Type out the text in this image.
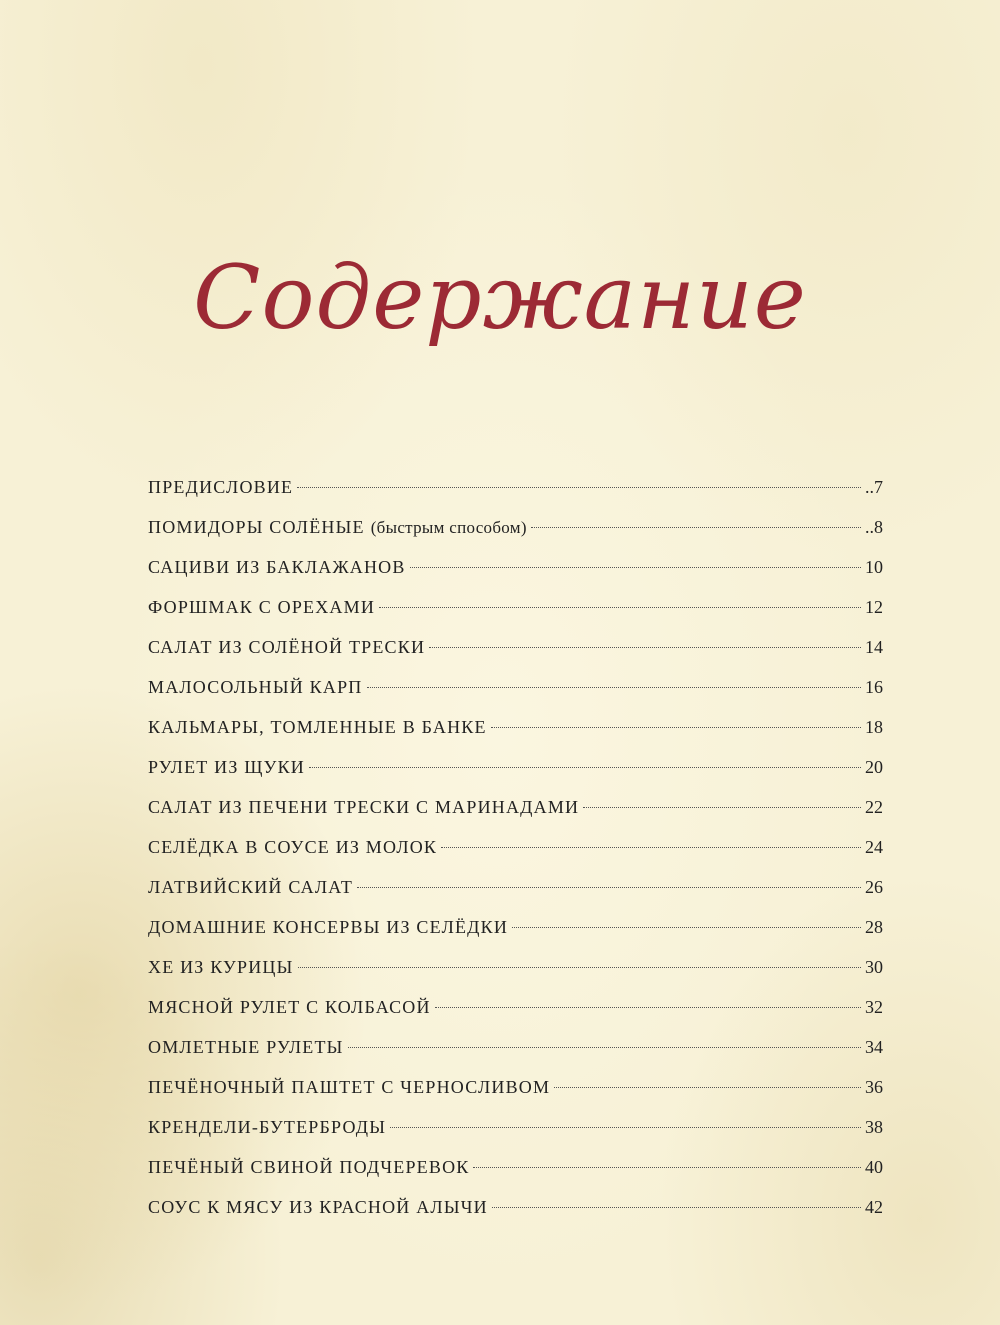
Содержание
ПРЕДИСЛОВИЕ	..7
ПОМИДОРЫ СОЛЁНЫЕ (быстрым способом)	..8
САЦИВИ ИЗ БАКЛАЖАНОВ	10
ФОРШМАК С ОРЕХАМИ	12
САЛАТ ИЗ СОЛЁНОЙ ТРЕСКИ	14
МАЛОСОЛЬНЫЙ КАРП	16
КАЛЬМАРЫ, ТОМЛЕННЫЕ В БАНКЕ	18
РУЛЕТ ИЗ ЩУКИ	20
САЛАТ ИЗ ПЕЧЕНИ ТРЕСКИ С МАРИНАДАМИ	22
СЕЛЁДКА В СОУСЕ ИЗ МОЛОК	24
ЛАТВИЙСКИЙ САЛАТ	26
ДОМАШНИЕ КОНСЕРВЫ ИЗ СЕЛЁДКИ	28
ХЕ ИЗ КУРИЦЫ	30
МЯСНОЙ РУЛЕТ С КОЛБАСОЙ	32
ОМЛЕТНЫЕ РУЛЕТЫ	34
ПЕЧЁНОЧНЫЙ ПАШТЕТ С ЧЕРНОСЛИВОМ	36
КРЕНДЕЛИ-БУТЕРБРОДЫ	38
ПЕЧЁНЫЙ СВИНОЙ ПОДЧЕРЕВОК	40
СОУС К МЯСУ ИЗ КРАСНОЙ АЛЫЧИ	42
